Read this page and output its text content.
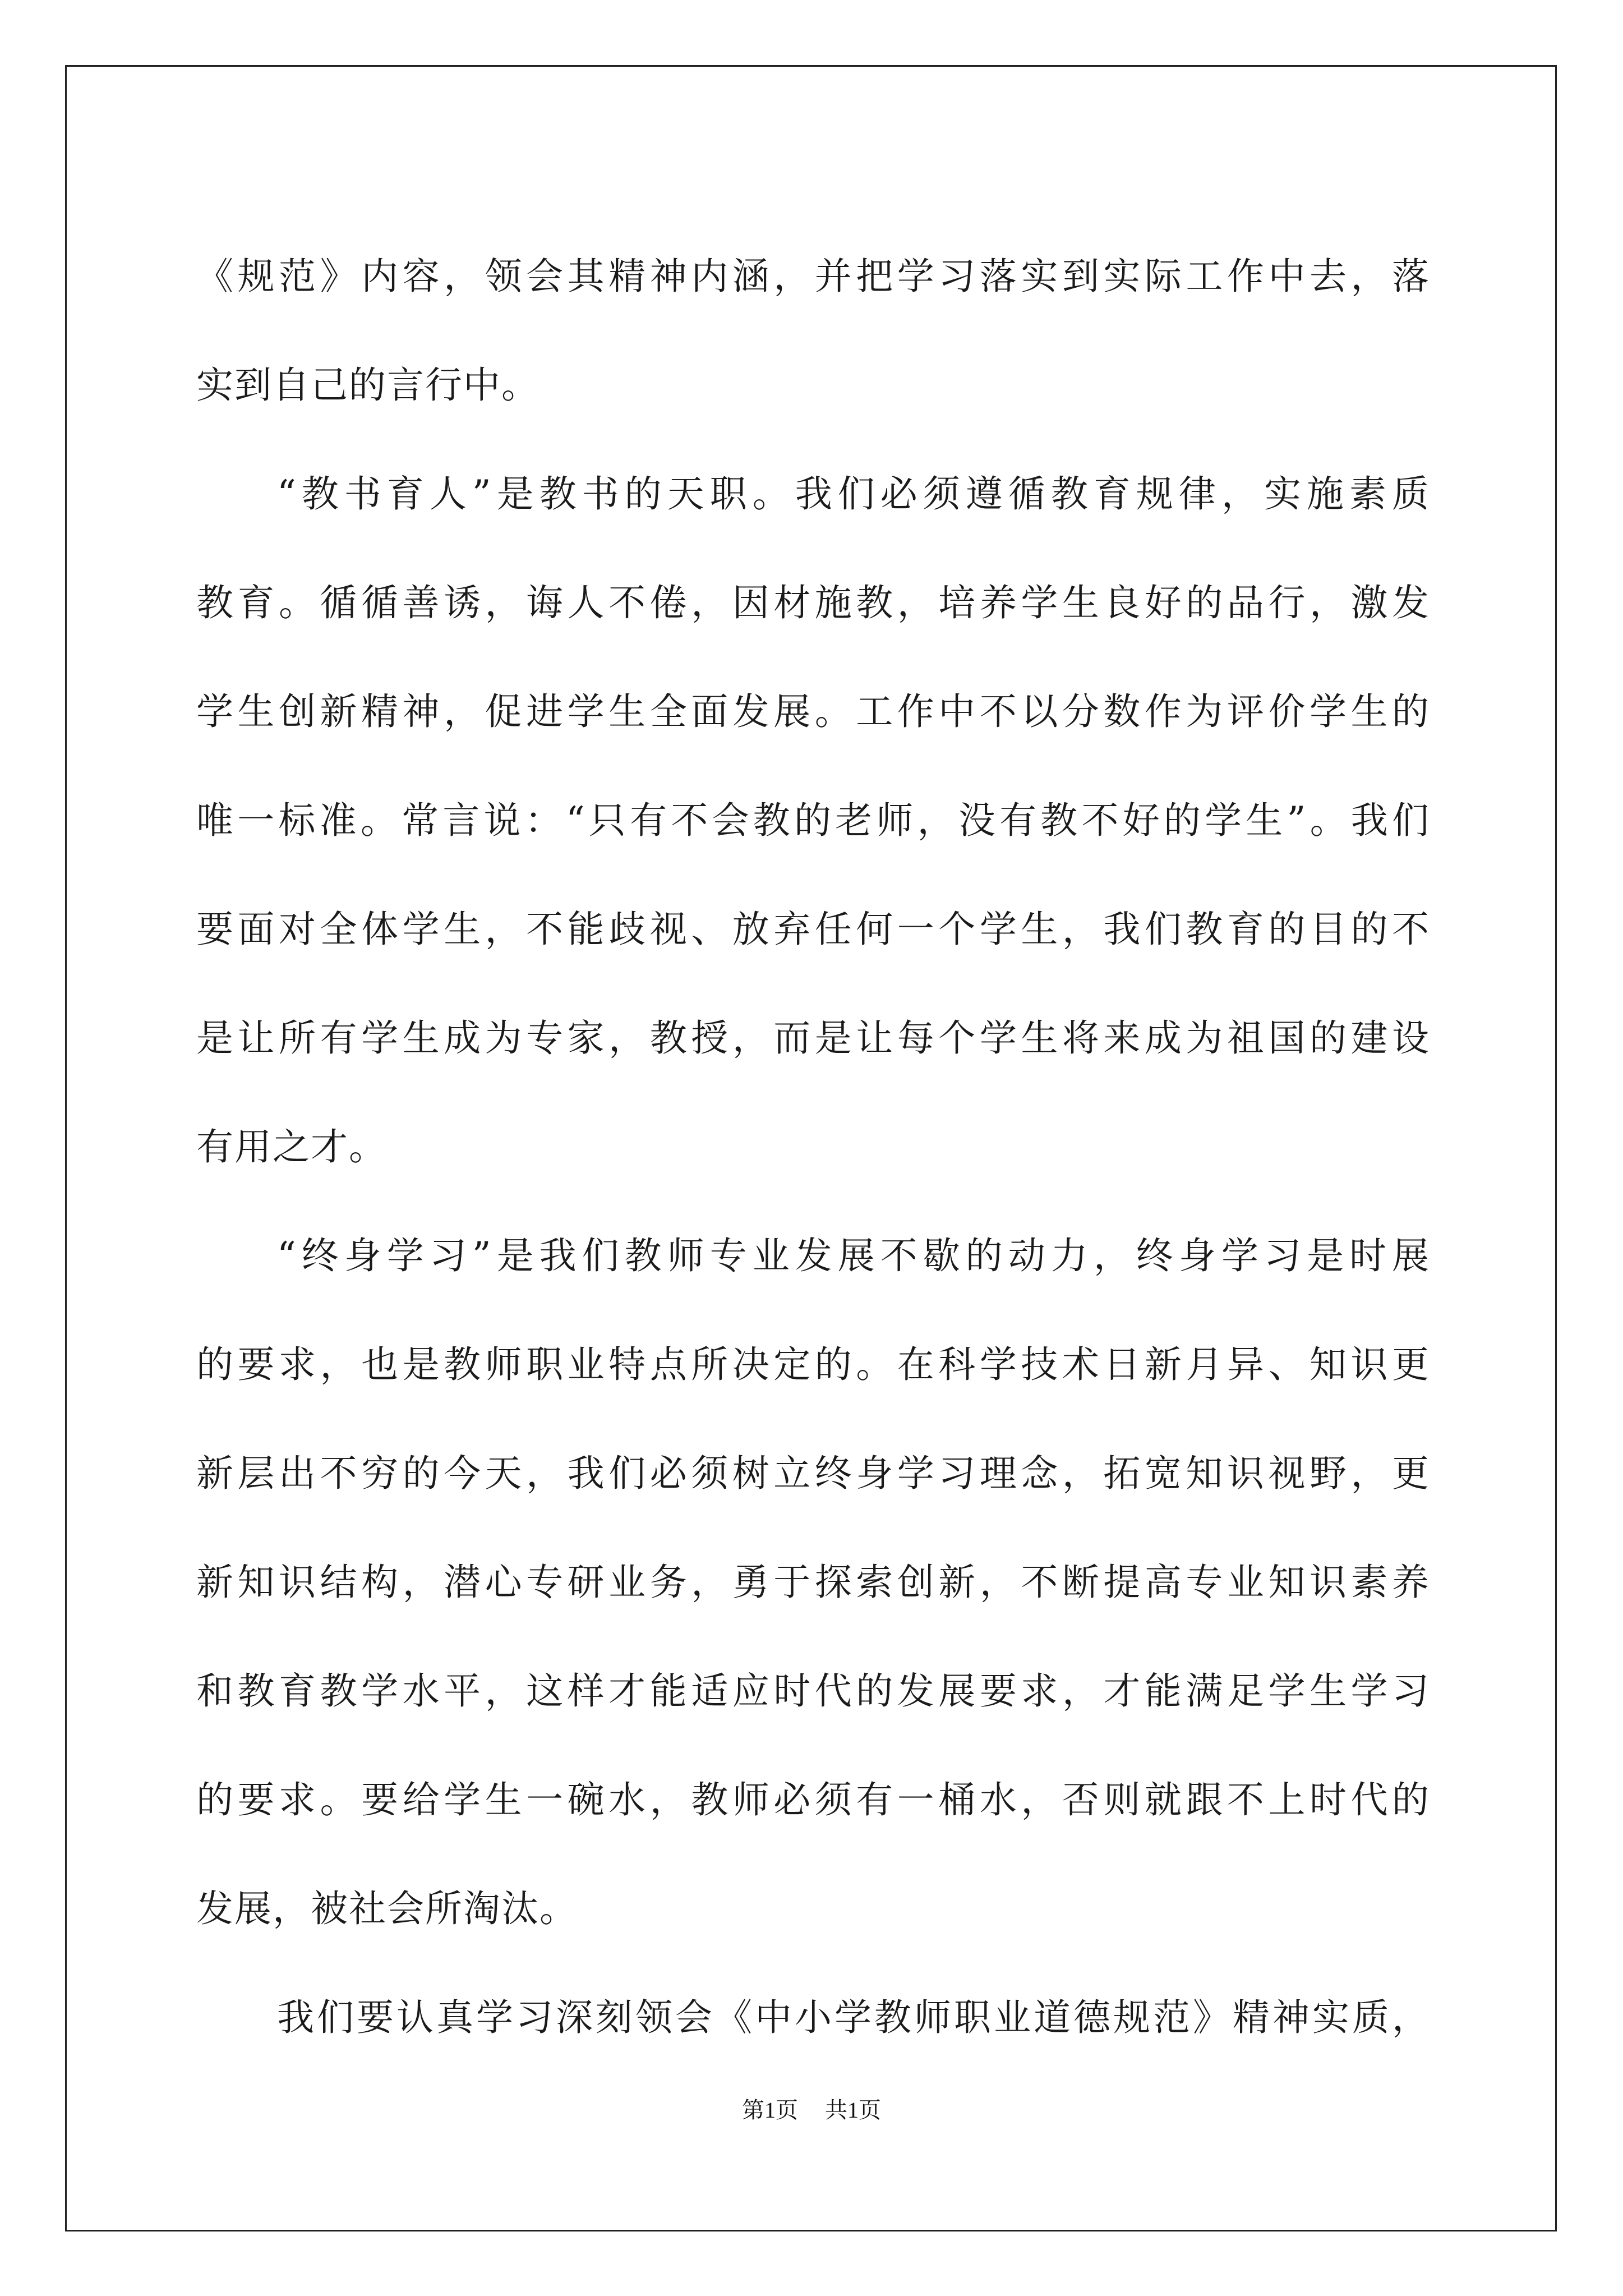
《规范》内容，领会其精神内涵，并把学习落实到实际工作中去，落
实到自己的言行中。
“教书育人”是教书的天职。我们必须遵循教育规律，实施素质
教育。循循善诱，诲人不倦，因材施教，培养学生良好的品行，激发
学生创新精神，促进学生全面发展。工作中不以分数作为评价学生的
唯一标准。常言说：“只有不会教的老师，没有教不好的学生”。我们
要面对全体学生，不能歧视、放弃任何一个学生，我们教育的目的不
是让所有学生成为专家，教授，而是让每个学生将来成为祖国的建设
有用之才。
“终身学习”是我们教师专业发展不歇的动力，终身学习是时展
的要求，也是教师职业特点所决定的。在科学技术日新月异、知识更
新层出不穷的今天，我们必须树立终身学习理念，拓宽知识视野，更
新知识结构，潜心专研业务，勇于探索创新，不断提高专业知识素养
和教育教学水平，这样才能适应时代的发展要求，才能满足学生学习
的要求。要给学生一碗水，教师必须有一桶水，否则就跟不上时代的
发展，被社会所淘汰。
我们要认真学习深刻领会《中小学教师职业道德规范》精神实质，
第1页 共1页
